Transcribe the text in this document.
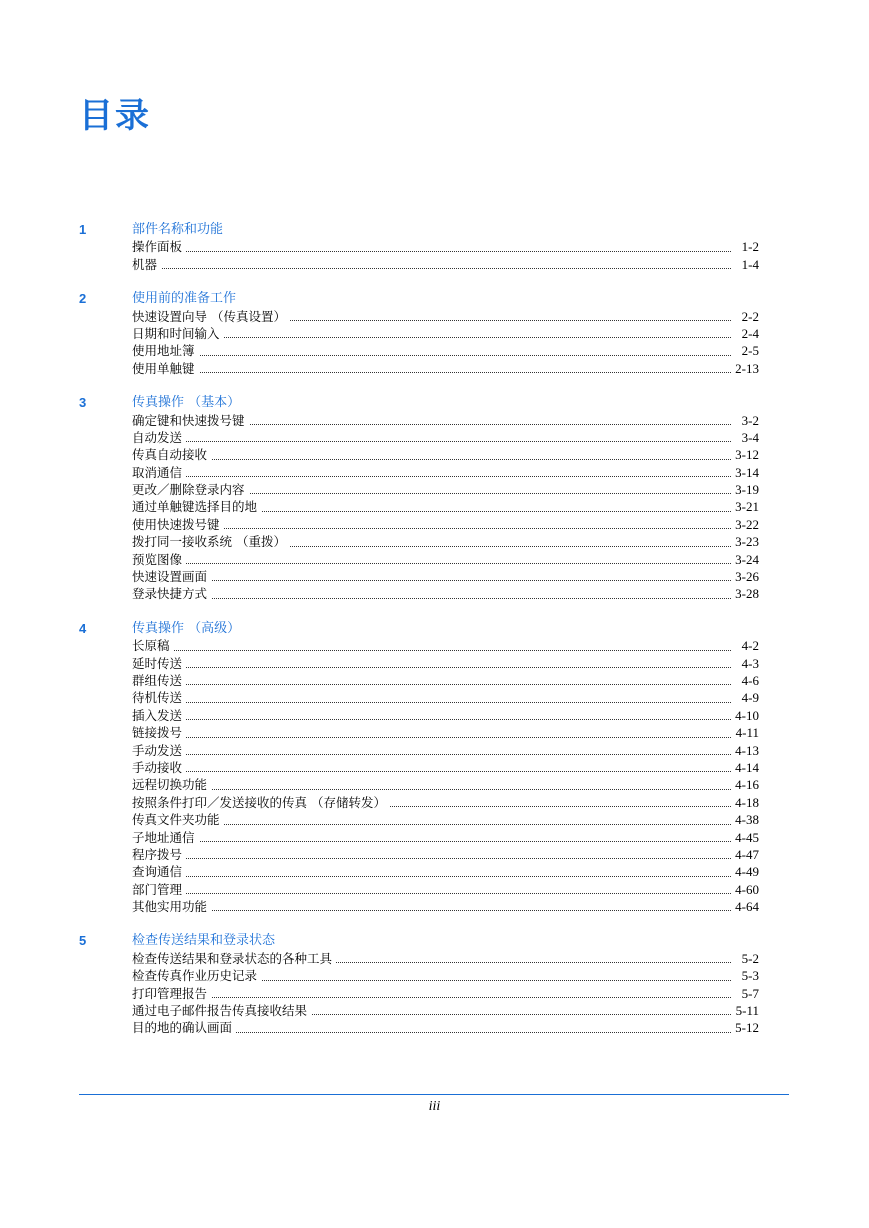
目录
1	部件名称和功能
操作面板	1-2
机器	1-4
2	使用前的准备工作
快速设置向导 （传真设置）	2-2
日期和时间输入	2-4
使用地址簿	2-5
使用单触键	2-13
3	传真操作 （基本）
确定键和快速拨号键	3-2
自动发送	3-4
传真自动接收	3-12
取消通信	3-14
更改／删除登录内容	3-19
通过单触键选择目的地	3-21
使用快速拨号键	3-22
拨打同一接收系统 （重拨）	3-23
预览图像	3-24
快速设置画面	3-26
登录快捷方式	3-28
4	传真操作 （高级）
长原稿	4-2
延时传送	4-3
群组传送	4-6
待机传送	4-9
插入发送	4-10
链接拨号	4-11
手动发送	4-13
手动接收	4-14
远程切换功能	4-16
按照条件打印／发送接收的传真 （存储转发）	4-18
传真文件夹功能	4-38
子地址通信	4-45
程序拨号	4-47
查询通信	4-49
部门管理	4-60
其他实用功能	4-64
5	检查传送结果和登录状态
检查传送结果和登录状态的各种工具	5-2
检查传真作业历史记录	5-3
打印管理报告	5-7
通过电子邮件报告传真接收结果	5-11
目的地的确认画面	5-12
iii
